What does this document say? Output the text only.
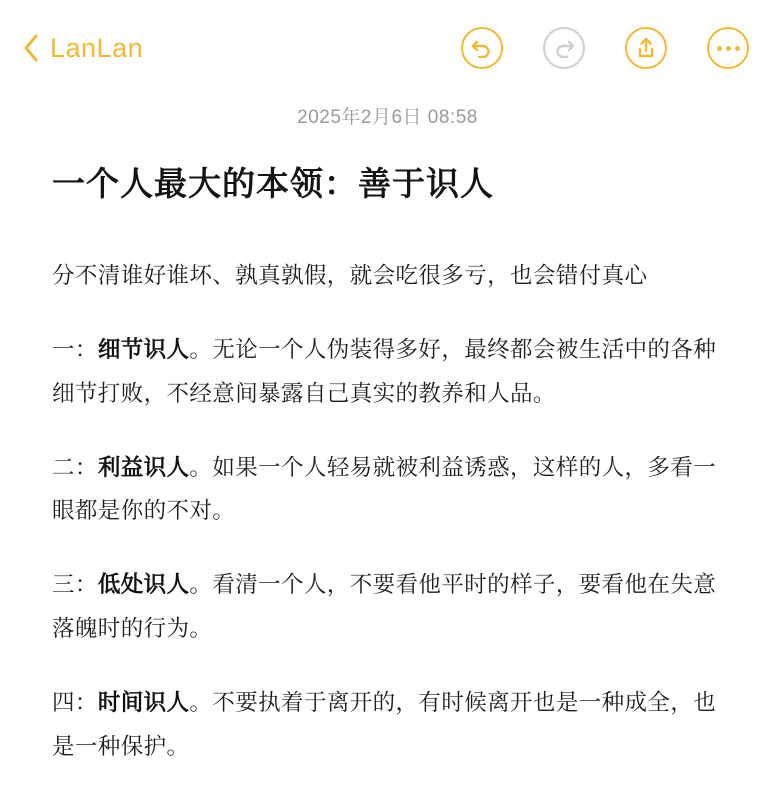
LanLan
2025年2月6日 08:58
一个人最大的本领：善于识人

分不清谁好谁坏、孰真孰假，就会吃很多亏，也会错付真心

一：细节识人。无论一个人伪装得多好，最终都会被生活中的各种细节打败，不经意间暴露自己真实的教养和人品。

二：利益识人。如果一个人轻易就被利益诱惑，这样的人，多看一眼都是你的不对。

三：低处识人。看清一个人，不要看他平时的样子，要看他在失意落魄时的行为。

四：时间识人。不要执着于离开的，有时候离开也是一种成全，也是一种保护。
